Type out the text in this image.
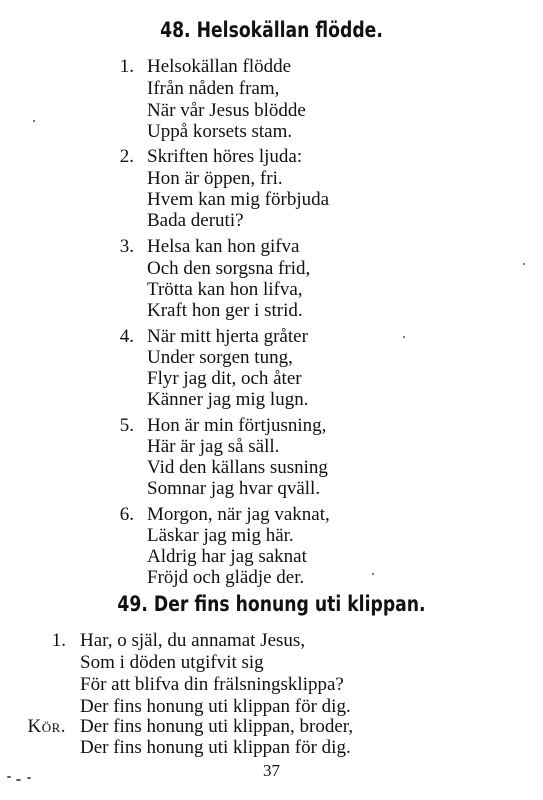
48. Helsokällan flödde.
1. Helsokällan flödde
Ifrån nåden fram,
När vår Jesus blödde
Uppå korsets stam.
2. Skriften höres ljuda:
Hon är öppen, fri.
Hvem kan mig förbjuda
Bada deruti?
3. Helsa kan hon gifva
Och den sorgsna frid,
Trötta kan hon lifva,
Kraft hon ger i strid.
4. När mitt hjerta gråter
Under sorgen tung,
Flyr jag dit, och åter
Känner jag mig lugn.
5. Hon är min förtjusning,
Här är jag så säll.
Vid den källans susning
Somnar jag hvar qväll.
6. Morgon, när jag vaknat,
Läskar jag mig här.
Aldrig har jag saknat
Fröjd och glädje der.
49. Der fins honung uti klippan.
1. Har, o själ, du annamat Jesus,
Som i döden utgifvit sig
För att blifva din frälsningsklippa?
Der fins honung uti klippan för dig.
Kör. Der fins honung uti klippan, broder,
Der fins honung uti klippan för dig.
37
